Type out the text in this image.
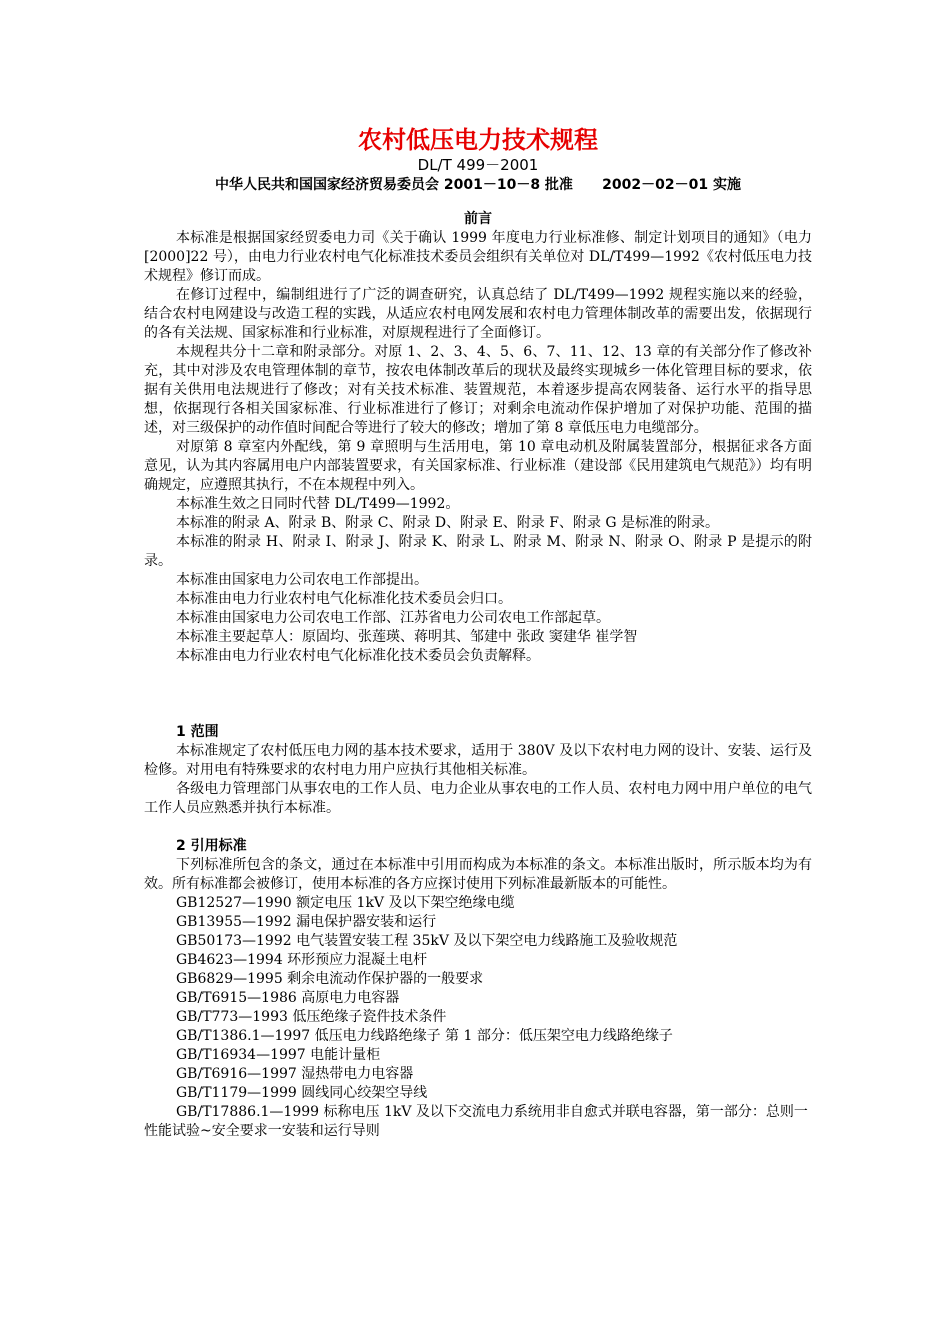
农村低压电力技术规程
DL/T 499－2001
中华人民共和国国家经济贸易委员会 2001－10－8 批准      2002－02－01 实施
前言

本标准是根据国家经贸委电力司《关于确认 1999 年度电力行业标准修、制定计划项目的通知》（电力[2000]22 号），由电力行业农村电气化标准技术委员会组织有关单位对 DL/T499—1992《农村低压电力技术规程》修订而成。

在修订过程中，编制组进行了广泛的调查研究，认真总结了 DL/T499—1992 规程实施以来的经验，结合农村电网建设与改造工程的实践，从适应农村电网发展和农村电力管理体制改革的需要出发，依据现行的各有关法规、国家标准和行业标准，对原规程进行了全面修订。

本规程共分十二章和附录部分。对原 1、2、3、4、5、6、7、11、12、13 章的有关部分作了修改补充，其中对涉及农电管理体制的章节，按农电体制改革后的现状及最终实现城乡一体化管理目标的要求，依据有关供用电法规进行了修改；对有关技术标准、装置规范，本着逐步提高农网装备、运行水平的指导思想，依据现行各相关国家标准、行业标准进行了修订；对剩余电流动作保护增加了对保护功能、范围的描述，对三级保护的动作值时间配合等进行了较大的修改；增加了第 8 章低压电力电缆部分。

对原第 8 章室内外配线，第 9 章照明与生活用电，第 10 章电动机及附属装置部分，根据征求各方面意见，认为其内容属用电户内部装置要求，有关国家标准、行业标准（建设部《民用建筑电气规范》）均有明确规定，应遵照其执行，不在本规程中列入。

本标准生效之日同时代替 DL/T499—1992。

本标准的附录 A、附录 B、附录 C、附录 D、附录 E、附录 F、附录 G 是标准的附录。

本标准的附录 H、附录 I、附录 J、附录 K、附录 L、附录 M、附录 N、附录 O、附录 P 是提示的附录。

本标准由国家电力公司农电工作部提出。

本标准由电力行业农村电气化标准化技术委员会归口。

本标准由国家电力公司农电工作部、江苏省电力公司农电工作部起草。

本标准主要起草人：原固均、张莲瑛、蒋明其、邹建中 张政 窦建华 崔学智

本标准由电力行业农村电气化标准化技术委员会负责解释。

1 范围

本标准规定了农村低压电力网的基本技术要求，适用于 380V 及以下农村电力网的设计、安装、运行及检修。对用电有特殊要求的农村电力用户应执行其他相关标准。

各级电力管理部门从事农电的工作人员、电力企业从事农电的工作人员、农村电力网中用户单位的电气工作人员应熟悉并执行本标准。

2 引用标准

下列标准所包含的条文，通过在本标准中引用而构成为本标准的条文。本标准出版时，所示版本均为有效。所有标准都会被修订，使用本标准的各方应探讨使用下列标准最新版本的可能性。

GB12527—1990 额定电压 1kV 及以下架空绝缘电缆
GB13955—1992 漏电保护器安装和运行
GB50173—1992 电气装置安装工程 35kV 及以下架空电力线路施工及验收规范
GB4623—1994 环形预应力混凝土电杆
GB6829—1995 剩余电流动作保护器的一般要求
GB/T6915—1986 高原电力电容器
GB/T773—1993 低压绝缘子瓷件技术条件
GB/T1386.1—1997 低压电力线路绝缘子 第 1 部分：低压架空电力线路绝缘子
GB/T16934—1997 电能计量柜
GB/T6916—1997 湿热带电力电容器
GB/T1179—1999 圆线同心绞架空导线
GB/T17886.1—1999 标称电压 1kV 及以下交流电力系统用非自愈式并联电容器，第一部分：总则一性能试验~安全要求一安装和运行导则
